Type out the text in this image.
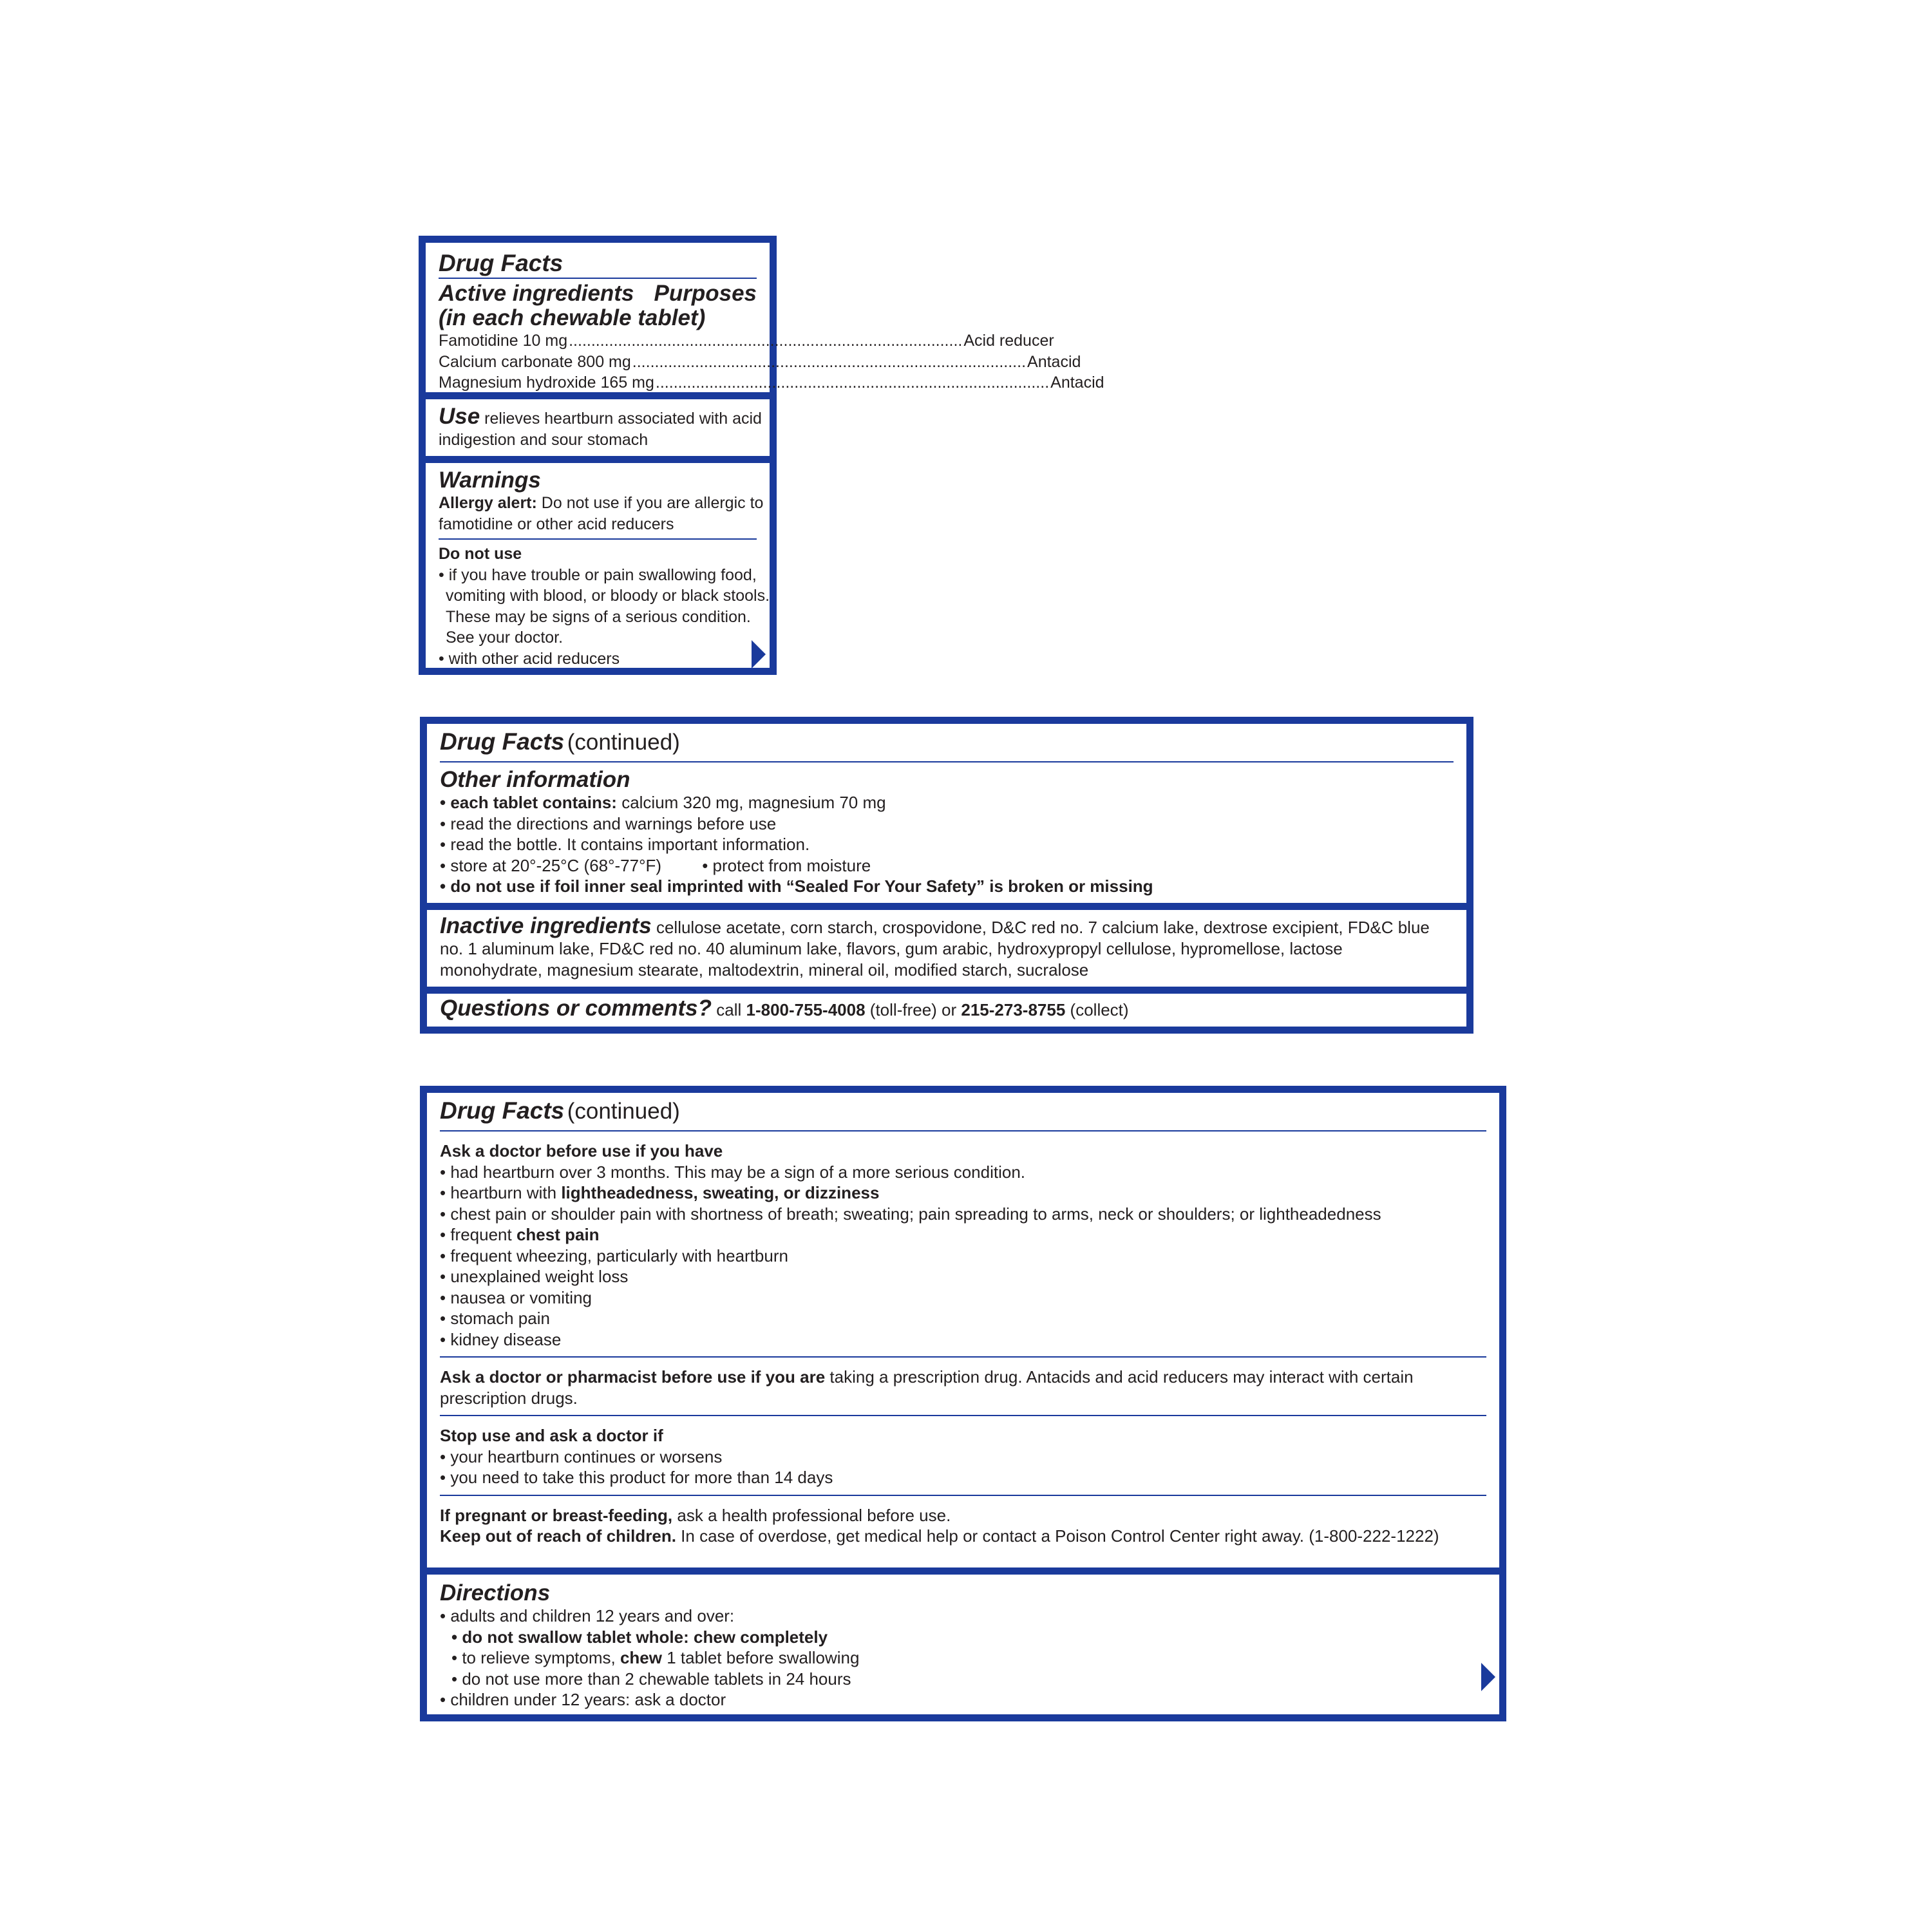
Drug Facts
Active ingredients Purposes
(in each chewable tablet)
Famotidine 10 mg ........................................................................................ Acid reducer
Calcium carbonate 800 mg ........................................................................................ Antacid
Magnesium hydroxide 165 mg ........................................................................................ Antacid
Use relieves heartburn associated with acid
indigestion and sour stomach
Warnings
Allergy alert: Do not use if you are allergic to
famotidine or other acid reducers
Do not use
• if you have trouble or pain swallowing food,
vomiting with blood, or bloody or black stools.
These may be signs of a serious condition.
See your doctor.
• with other acid reducers
Drug Facts (continued)
Other information
• each tablet contains: calcium 320 mg, magnesium 70 mg
• read the directions and warnings before use
• read the bottle. It contains important information.
• store at 20°-25°C (68°-77°F) • protect from moisture
• do not use if foil inner seal imprinted with “Sealed For Your Safety” is broken or missing
Inactive ingredients cellulose acetate, corn starch, crospovidone, D&C red no. 7 calcium lake, dextrose excipient, FD&C blue
no. 1 aluminum lake, FD&C red no. 40 aluminum lake, flavors, gum arabic, hydroxypropyl cellulose, hypromellose, lactose
monohydrate, magnesium stearate, maltodextrin, mineral oil, modified starch, sucralose
Questions or comments? call 1-800-755-4008 (toll-free) or 215-273-8755 (collect)
Drug Facts (continued)
Ask a doctor before use if you have
• had heartburn over 3 months. This may be a sign of a more serious condition.
• heartburn with lightheadedness, sweating, or dizziness
• chest pain or shoulder pain with shortness of breath; sweating; pain spreading to arms, neck or shoulders; or lightheadedness
• frequent chest pain
• frequent wheezing, particularly with heartburn
• unexplained weight loss
• nausea or vomiting
• stomach pain
• kidney disease
Ask a doctor or pharmacist before use if you are taking a prescription drug. Antacids and acid reducers may interact with certain
prescription drugs.
Stop use and ask a doctor if
• your heartburn continues or worsens
• you need to take this product for more than 14 days
If pregnant or breast-feeding, ask a health professional before use.
Keep out of reach of children. In case of overdose, get medical help or contact a Poison Control Center right away. (1-800-222-1222)
Directions
• adults and children 12 years and over:
• do not swallow tablet whole: chew completely
• to relieve symptoms, chew 1 tablet before swallowing
• do not use more than 2 chewable tablets in 24 hours
• children under 12 years: ask a doctor
